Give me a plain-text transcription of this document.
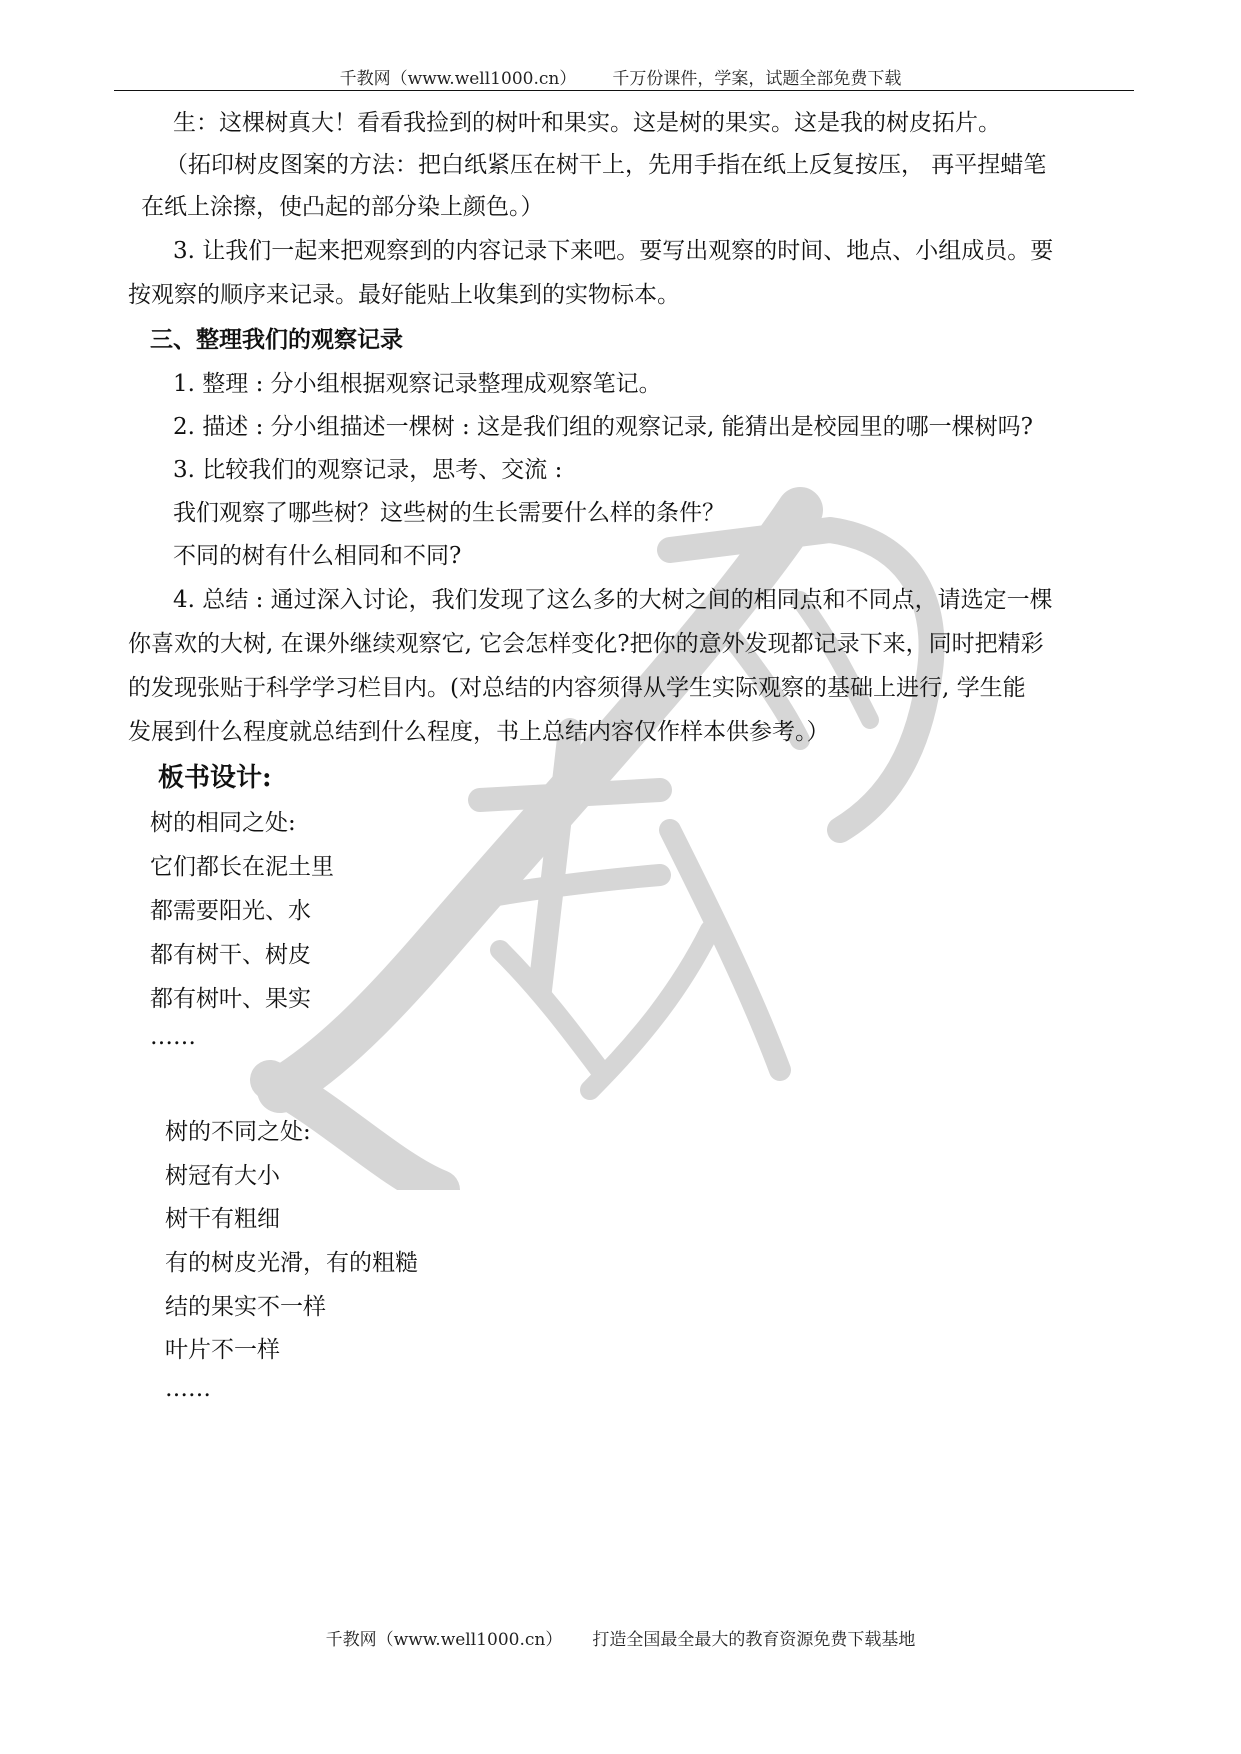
千教网（www.well1000.cn） 千万份课件，学案，试题全部免费下载
生：这棵树真大！看看我捡到的树叶和果实。这是树的果实。这是我的树皮拓片。
（拓印树皮图案的方法：把白纸紧压在树干上，先用手指在纸上反复按压， 再平捏蜡笔
在纸上涂擦，使凸起的部分染上颜色。）
3. 让我们一起来把观察到的内容记录下来吧。要写出观察的时间、地点、小组成员。要
按观察的顺序来记录。最好能贴上收集到的实物标本。
三、整理我们的观察记录
1. 整理 : 分小组根据观察记录整理成观察笔记。
2. 描述 : 分小组描述一棵树 : 这是我们组的观察记录, 能猜出是校园里的哪一棵树吗?
3. 比较我们的观察记录，思考、交流 :
我们观察了哪些树？这些树的生长需要什么样的条件？
不同的树有什么相同和不同?
4. 总结 : 通过深入讨论，我们发现了这么多的大树之间的相同点和不同点，请选定一棵
你喜欢的大树, 在课外继续观察它, 它会怎样变化?把你的意外发现都记录下来，同时把精彩
的发现张贴于科学学习栏目内。(对总结的内容须得从学生实际观察的基础上进行, 学生能
发展到什么程度就总结到什么程度，书上总结内容仅作样本供参考。）
板书设计:
树的相同之处:
它们都长在泥土里
都需要阳光、水
都有树干、树皮
都有树叶、果实
……
树的不同之处:
树冠有大小
树干有粗细
有的树皮光滑，有的粗糙
结的果实不一样
叶片不一样
……
千教网（www.well1000.cn） 打造全国最全最大的教育资源免费下载基地
